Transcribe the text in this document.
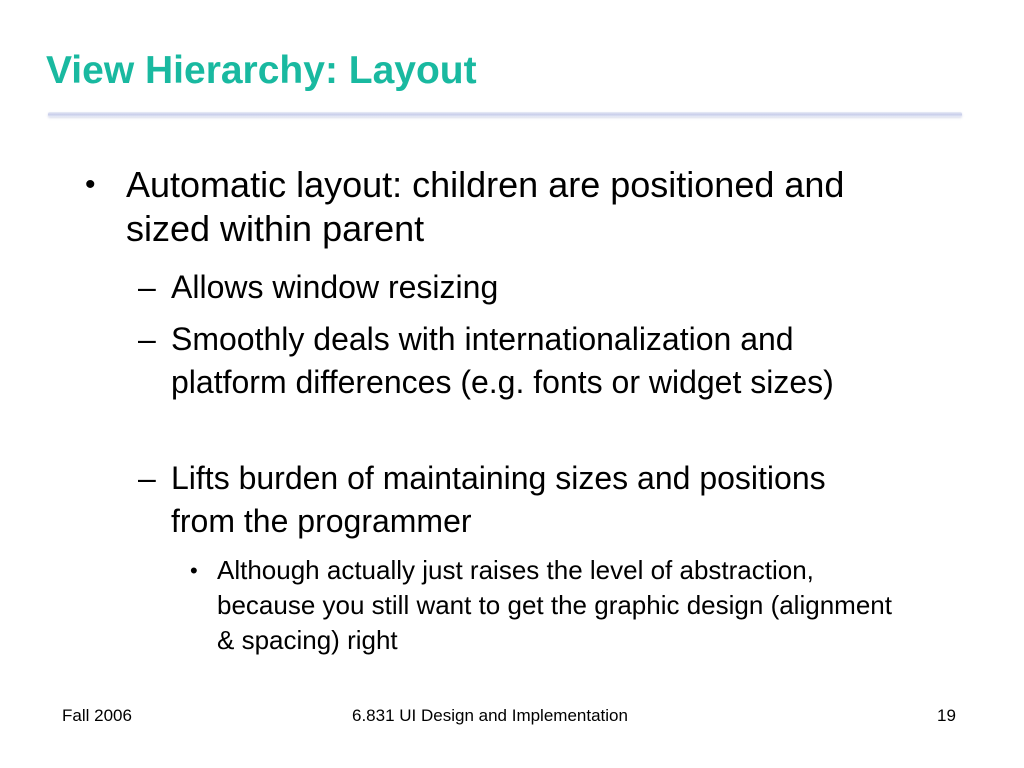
View Hierarchy: Layout
• Automatic layout: children are positioned and sized within parent
– Allows window resizing
– Smoothly deals with internationalization and platform differences (e.g. fonts or widget sizes)
– Lifts burden of maintaining sizes and positions from the programmer
• Although actually just raises the level of abstraction, because you still want to get the graphic design (alignment & spacing) right
Fall 2006	6.831 UI Design and Implementation	19
